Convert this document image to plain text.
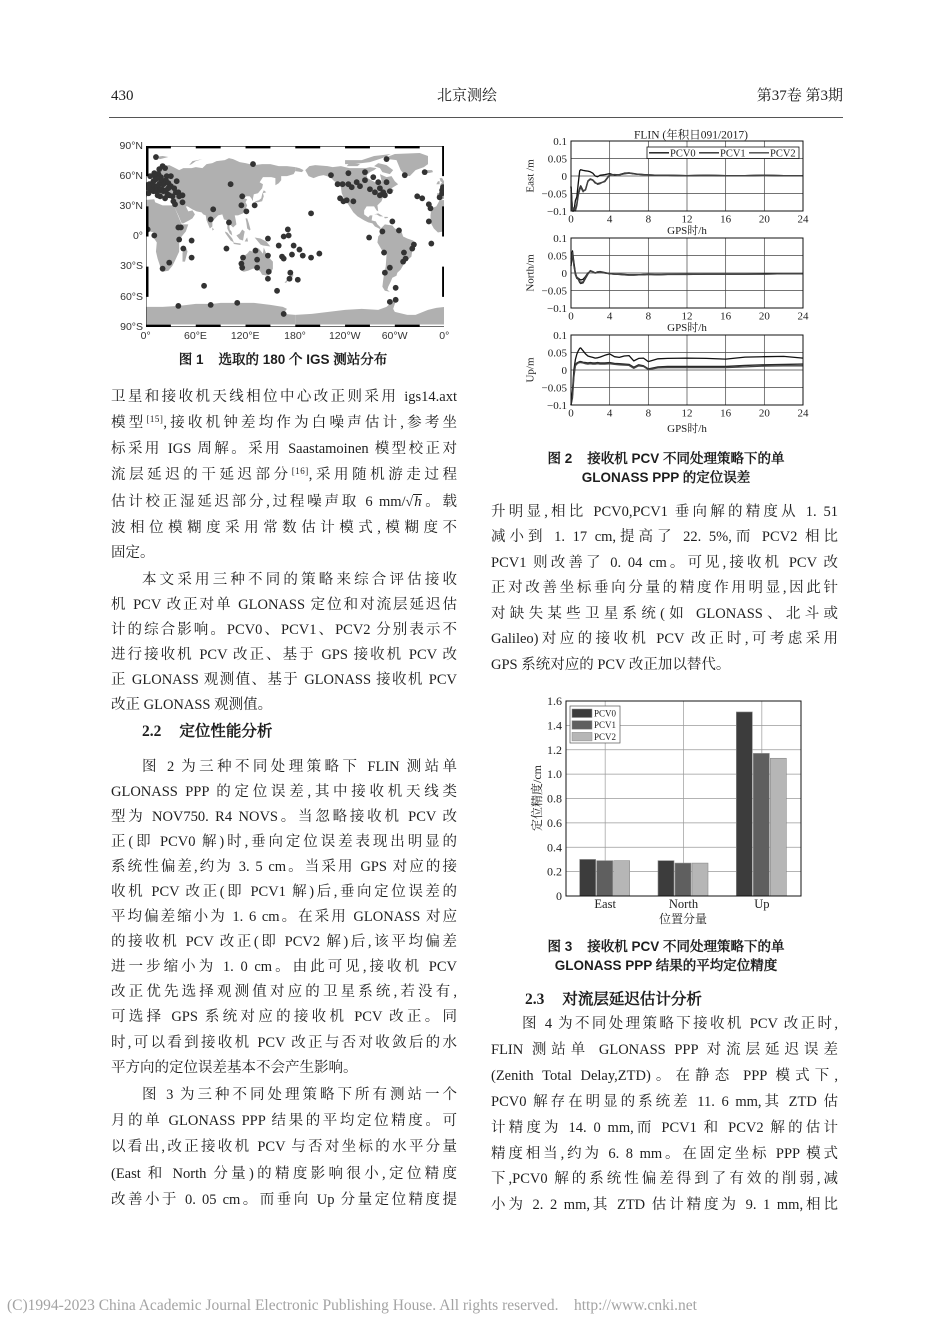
430	北京测绘	第37卷 第3期
90°N
60°N
30°N
0°
30°S
60°S
90°S
0°	60°E	120°E	180°	120°W	60°W	0°
图 1 选取的 180 个 IGS 测站分布
卫星和接收机天线相位中心改正则采用 igs14.axt
模型[15],接收机钟差均作为白噪声估计,参考坐
标采用 IGS 周解。采用 Saastamoinen 模型校正对
流层延迟的干延迟部分[16],采用随机游走过程
估计校正湿延迟部分,过程噪声取 6 mm/√h。载
波相位模糊度采用常数估计模式,模糊度不
固定。
本文采用三种不同的策略来综合评估接收
机 PCV 改正对单 GLONASS 定位和对流层延迟估
计的综合影响。PCV0、PCV1、PCV2 分别表示不
进行接收机 PCV 改正、基于 GPS 接收机 PCV 改
正 GLONASS 观测值、基于 GLONASS 接收机 PCV
改正 GLONASS 观测值。
2.2 定位性能分析
图 2 为三种不同处理策略下 FLIN 测站单
GLONASS PPP 的定位误差,其中接收机天线类
型为 NOV750. R4 NOVS。当忽略接收机 PCV 改
正(即 PCV0 解)时,垂向定位误差表现出明显的
系统性偏差,约为 3. 5 cm。当采用 GPS 对应的接
收机 PCV 改正(即 PCV1 解)后,垂向定位误差的
平均偏差缩小为 1. 6 cm。在采用 GLONASS 对应
的接收机 PCV 改正(即 PCV2 解)后,该平均偏差
进一步缩小为 1. 0 cm。由此可见,接收机 PCV
改正优先选择观测值对应的卫星系统,若没有,
可选择 GPS 系统对应的接收机 PCV 改正。同
时,可以看到接收机 PCV 改正与否对收敛后的水
平方向的定位误差基本不会产生影响。
图 3 为三种不同处理策略下所有测站一个
月的单 GLONASS PPP 结果的平均定位精度。可
以看出,改正接收机 PCV 与否对坐标的水平分量
(East 和 North 分量)的精度影响很小,定位精度
改善小于 0. 05 cm。而垂向 Up 分量定位精度提
FLIN (年积日091/2017)
0	4	8	12	16	20	24
0.1
0.05
0
−0.05
−0.1
PCV0 PCV1 PCV2
0	4	8	12	16	20	24
0.1
0.05
0
−0.05
−0.1
0	4	8	12	16	20	24
0.1
0.05
0
−0.05
−0.1
East /m
North/m
Up/m
GPS时/h
GPS时/h
GPS时/h
图 2 接收机 PCV 不同处理策略下的单
GLONASS PPP 的定位误差
升明显,相比 PCV0,PCV1 垂向解的精度从 1. 51
减小到 1. 17 cm,提高了 22. 5%,而 PCV2 相比
PCV1 则改善了 0. 04 cm。可见,接收机 PCV 改
正对改善坐标垂向分量的精度作用明显,因此针
对缺失某些卫星系统(如 GLONASS、北斗或
Galileo)对应的接收机 PCV 改正时,可考虑采用
GPS 系统对应的 PCV 改正加以替代。
0
0.2
0.4
0.6
0.8
1.0
1.2
1.4
1.6
East	North	Up
PCV0
PCV1
PCV2
定位精度/cm
位置分量
图 3 接收机 PCV 不同处理策略下的单
GLONASS PPP 结果的平均定位精度
2.3 对流层延迟估计分析
图 4 为不同处理策略下接收机 PCV 改正时,
FLIN 测站单 GLONASS PPP 对流层延迟误差
(Zenith Total Delay,ZTD)。在静态 PPP 模式下,
PCV0 解存在明显的系统差 11. 6 mm,其 ZTD 估
计精度为 14. 0 mm,而 PCV1 和 PCV2 解的估计
精度相当,约为 6. 8 mm。在固定坐标 PPP 模式
下,PCV0 解的系统性偏差得到了有效的削弱,减
小为 2. 2 mm,其 ZTD 估计精度为 9. 1 mm,相比
(C)1994-2023 China Academic Journal Electronic Publishing House. All rights reserved. http://www.cnki.net
